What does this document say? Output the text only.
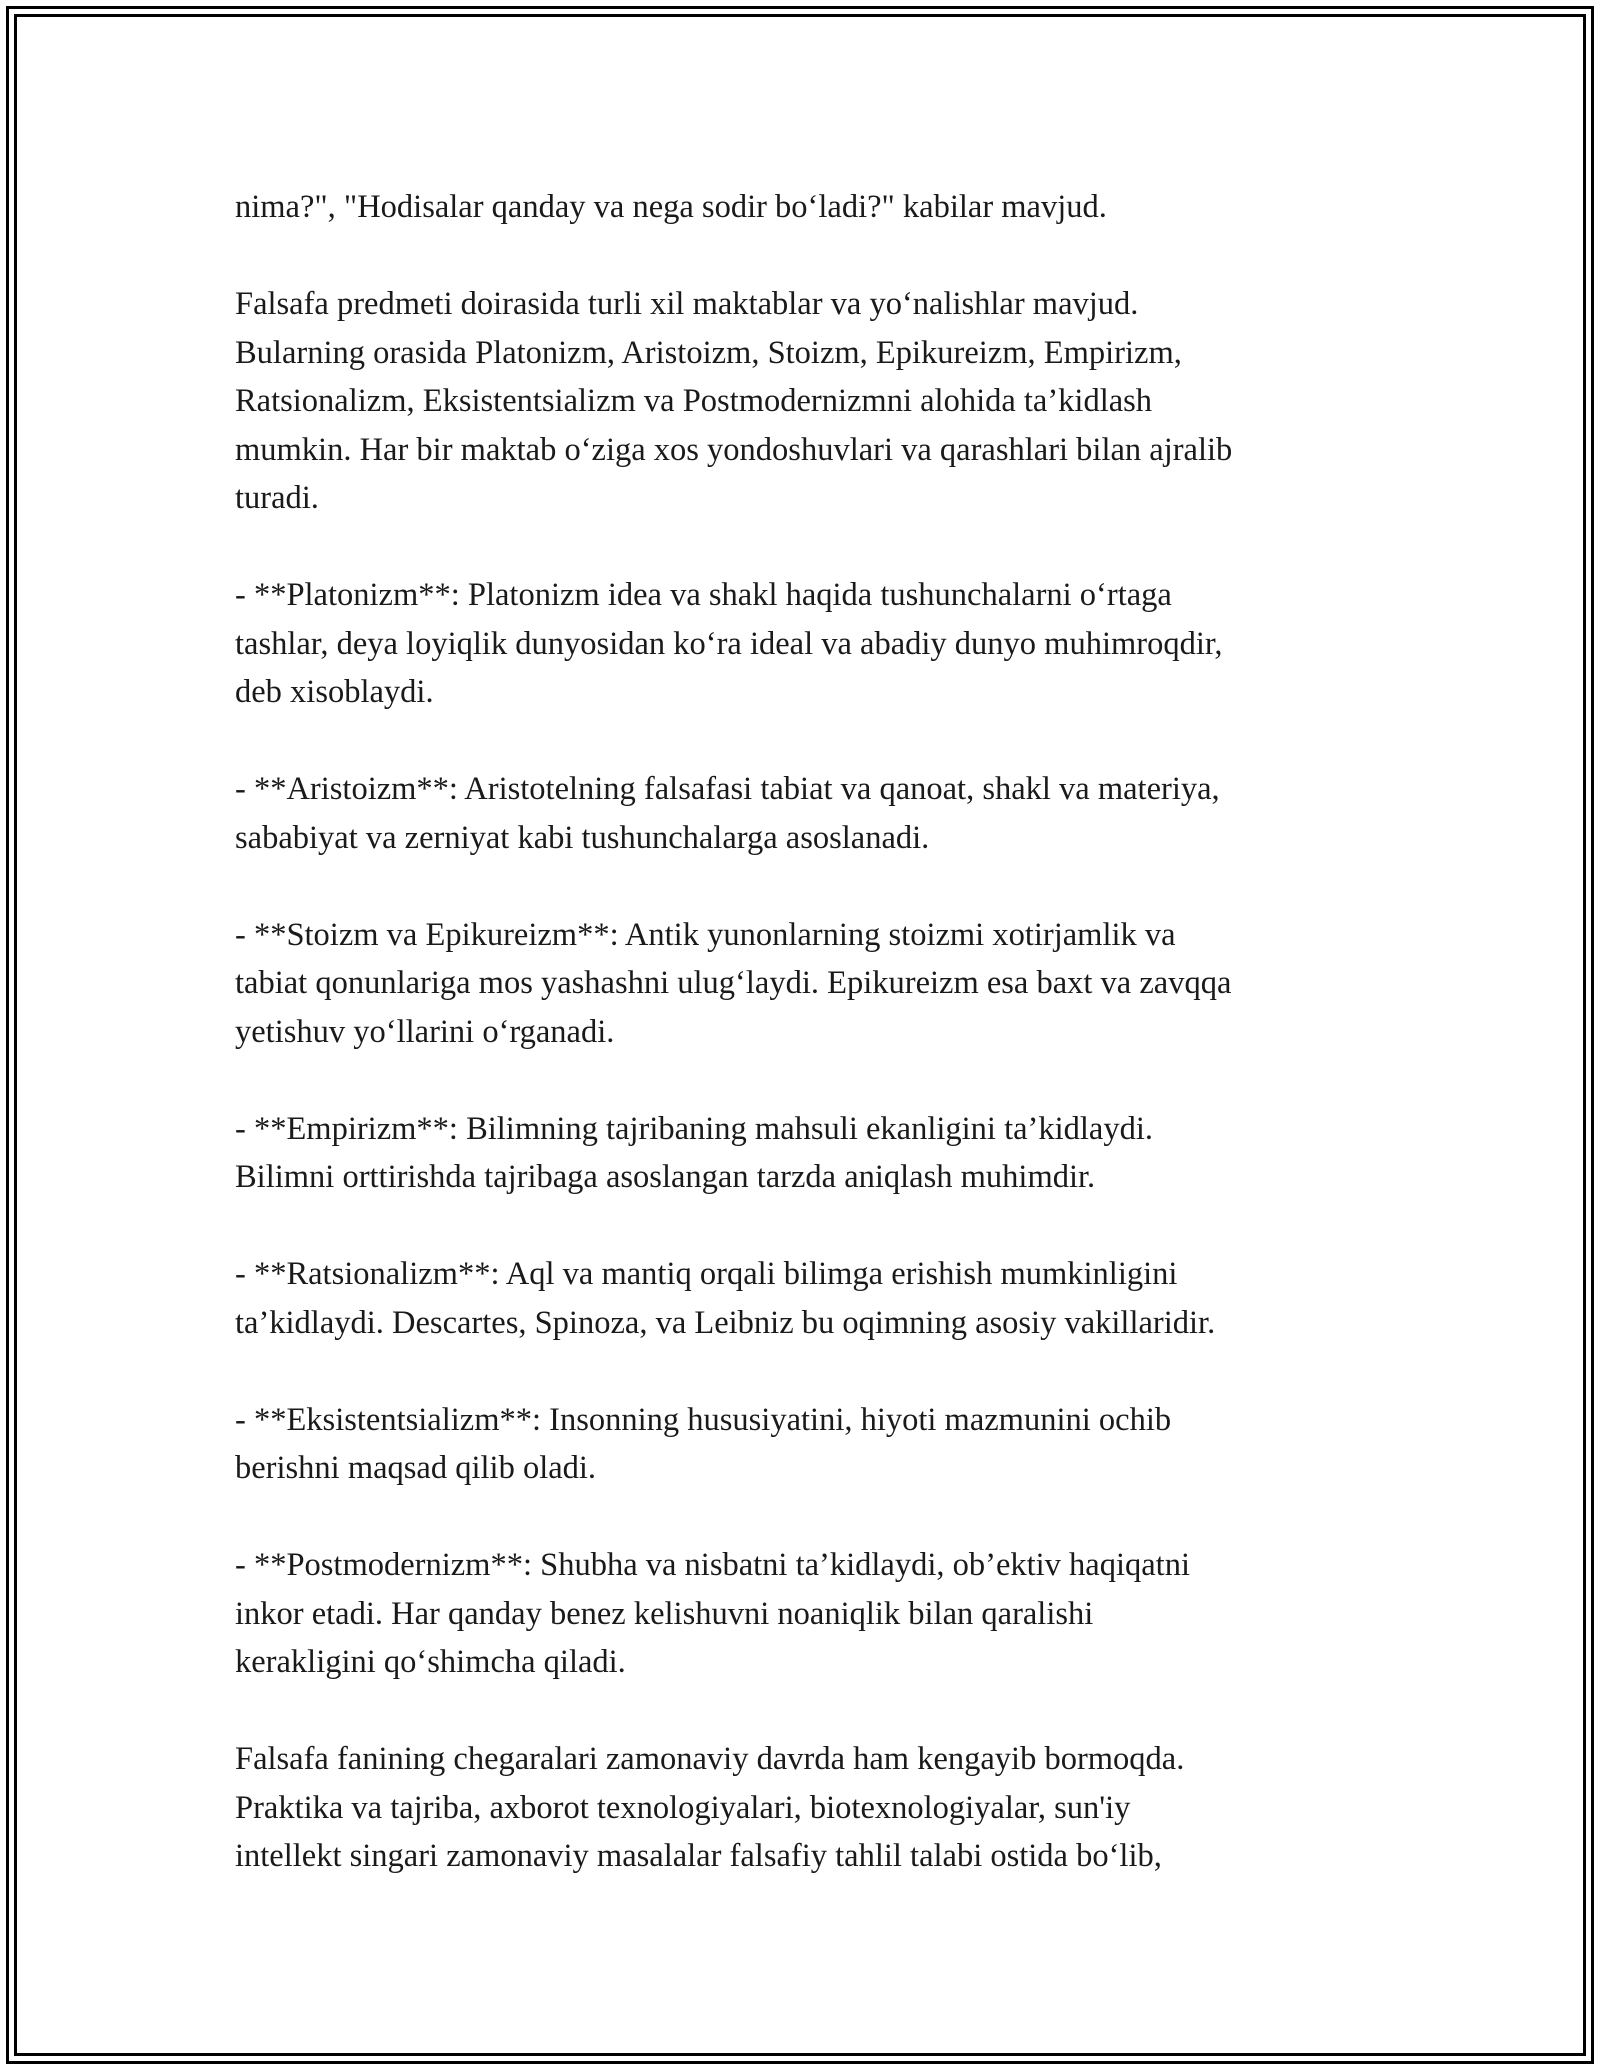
nima?", "Hodisalar qanday va nega sodir bo‘ladi?" kabilar mavjud.

Falsafa predmeti doirasida turli xil maktablar va yo‘nalishlar mavjud.
Bularning orasida Platonizm, Aristoizm, Stoizm, Epikureizm, Empirizm,
Ratsionalizm, Eksistentsializm va Postmodernizmni alohida ta’kidlash
mumkin. Har bir maktab o‘ziga xos yondoshuvlari va qarashlari bilan ajralib
turadi.

- **Platonizm**: Platonizm idea va shakl haqida tushunchalarni o‘rtaga
tashlar, deya loyiqlik dunyosidan ko‘ra ideal va abadiy dunyo muhimroqdir,
deb xisoblaydi.

- **Aristoizm**: Aristotelning falsafasi tabiat va qanoat, shakl va materiya,
sababiyat va zerniyat kabi tushunchalarga asoslanadi.

- **Stoizm va Epikureizm**: Antik yunonlarning stoizmi xotirjamlik va
tabiat qonunlariga mos yashashni ulug‘laydi. Epikureizm esa baxt va zavqqa
yetishuv yo‘llarini o‘rganadi.

- **Empirizm**: Bilimning tajribaning mahsuli ekanligini ta’kidlaydi.
Bilimni orttirishda tajribaga asoslangan tarzda aniqlash muhimdir.

- **Ratsionalizm**: Aql va mantiq orqali bilimga erishish mumkinligini
ta’kidlaydi. Descartes, Spinoza, va Leibniz bu oqimning asosiy vakillaridir.

- **Eksistentsializm**: Insonning hususiyatini, hiyoti mazmunini ochib
berishni maqsad qilib oladi.

- **Postmodernizm**: Shubha va nisbatni ta’kidlaydi, ob’ektiv haqiqatni
inkor etadi. Har qanday benez kelishuvni noaniqlik bilan qaralishi
kerakligini qo‘shimcha qiladi.

Falsafa fanining chegaralari zamonaviy davrda ham kengayib bormoqda.
Praktika va tajriba, axborot texnologiyalari, biotexnologiyalar, sun'iy
intellekt singari zamonaviy masalalar falsafiy tahlil talabi ostida bo‘lib,
